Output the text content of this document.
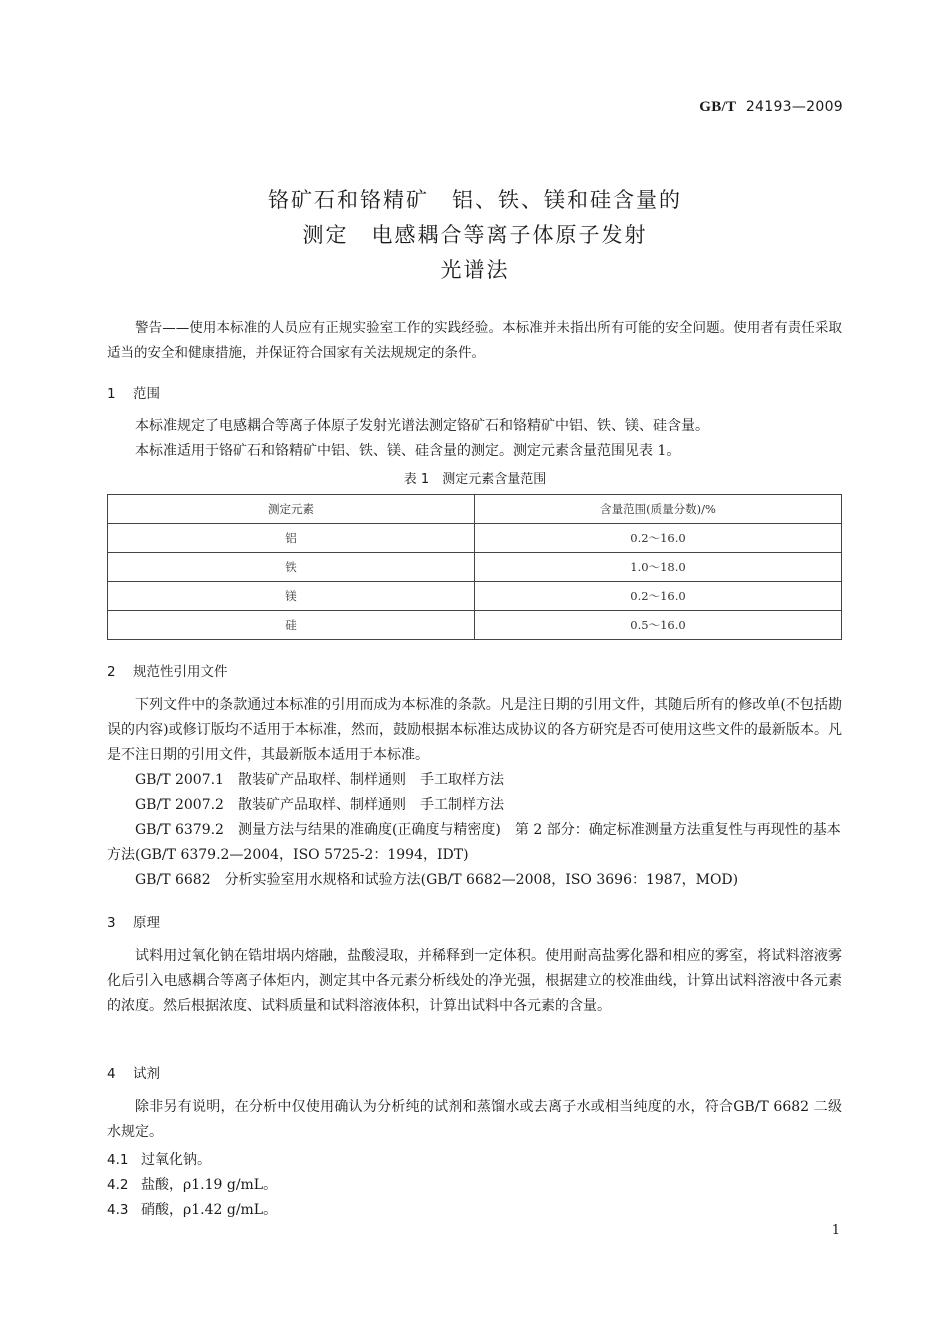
GB/T 24193—2009
铬矿石和铬精矿　铝、铁、镁和硅含量的
测定　电感耦合等离子体原子发射
光谱法
警告——使用本标准的人员应有正规实验室工作的实践经验。本标准并未指出所有可能的安全问题。使用者有责任采取适当的安全和健康措施，并保证符合国家有关法规规定的条件。
1 范围
本标准规定了电感耦合等离子体原子发射光谱法测定铬矿石和铬精矿中铝、铁、镁、硅含量。
本标准适用于铬矿石和铬精矿中铝、铁、镁、硅含量的测定。测定元素含量范围见表 1。
表 1　测定元素含量范围
测定元素	含量范围(质量分数)/%
铝	0.2～16.0
铁	1.0～18.0
镁	0.2～16.0
硅	0.5～16.0
2 规范性引用文件
下列文件中的条款通过本标准的引用而成为本标准的条款。凡是注日期的引用文件，其随后所有的修改单(不包括勘误的内容)或修订版均不适用于本标准，然而，鼓励根据本标准达成协议的各方研究是否可使用这些文件的最新版本。凡是不注日期的引用文件，其最新版本适用于本标准。
GB/T 2007.1　 散装矿产品取样、制样通则　手工取样方法
GB/T 2007.2　 散装矿产品取样、制样通则　手工制样方法
GB/T 6379.2　 测量方法与结果的准确度(正确度与精密度)　第 2 部分：确定标准测量方法重复性与再现性的基本方法(GB/T 6379.2—2004，ISO 5725-2：1994，IDT)
GB/T 6682　 分析实验室用水规格和试验方法(GB/T 6682—2008，ISO 3696：1987，MOD)
3 原理
试料用过氧化钠在锆坩埚内熔融，盐酸浸取，并稀释到一定体积。使用耐高盐雾化器和相应的雾室，将试料溶液雾化后引入电感耦合等离子体炬内，测定其中各元素分析线处的净光强，根据建立的校准曲线，计算出试料溶液中各元素的浓度。然后根据浓度、试料质量和试料溶液体积，计算出试料中各元素的含量。
4 试剂
除非另有说明，在分析中仅使用确认为分析纯的试剂和蒸馏水或去离子水或相当纯度的水，符合GB/T 6682 二级水规定。
4.1 过氧化钠。
4.2 盐酸，ρ1.19 g/mL。
4.3 硝酸，ρ1.42 g/mL。
1
